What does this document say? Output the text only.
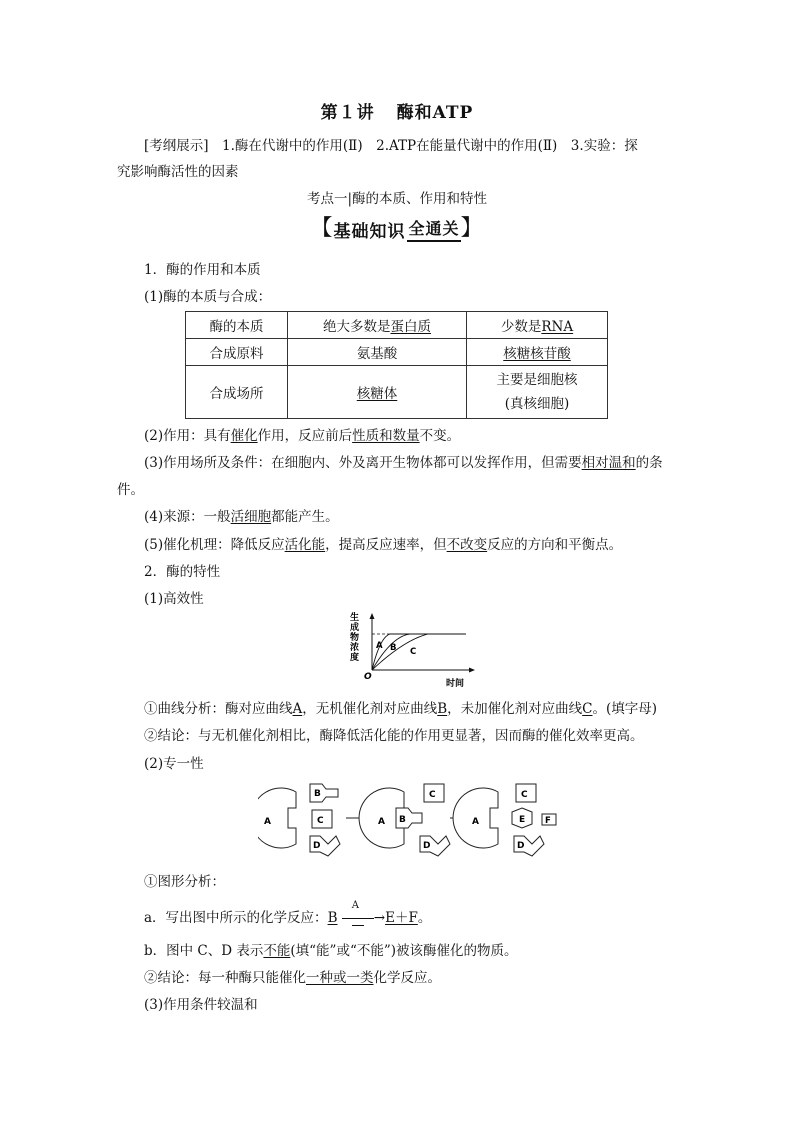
第１讲 酶和ATP
[考纲展示]　1.酶在代谢中的作用(Ⅱ)　2.ATP在能量代谢中的作用(Ⅱ)　3.实验：探
究影响酶活性的因素
考点一|酶的本质、作用和特性
【 基础知识 全通关 】
1．酶的作用和本质
(1)酶的本质与合成：
酶的本质	绝大多数是蛋白质	少数是RNA
合成原料	氨基酸	核糖核苷酸
合成场所	核糖体	主要是细胞核
(真核细胞)
(2)作用：具有催化作用，反应前后性质和数量不变。
(3)作用场所及条件：在细胞内、外及离开生物体都可以发挥作用，但需要相对温和的条
件。
(4)来源：一般活细胞都能产生。
(5)催化机理：降低反应活化能，提高反应速率，但不改变反应的方向和平衡点。
2．酶的特性
(1)高效性
生成物浓度
O
时间
A B C
①曲线分析：酶对应曲线A，无机催化剂对应曲线B，未加催化剂对应曲线C。(填字母)
②结论：与无机催化剂相比，酶降低活化能的作用更显著，因而酶的催化效率更高。
(2)专一性
A
B
C
D
A B
C
D
A
C
E F
D
①图形分析：
a．写出图中所示的化学反应：B
A
→E＋F。
b．图中 C、D 表示不能(填“能”或“不能”)被该酶催化的物质。
②结论：每一种酶只能催化一种或一类化学反应。
(3)作用条件较温和
